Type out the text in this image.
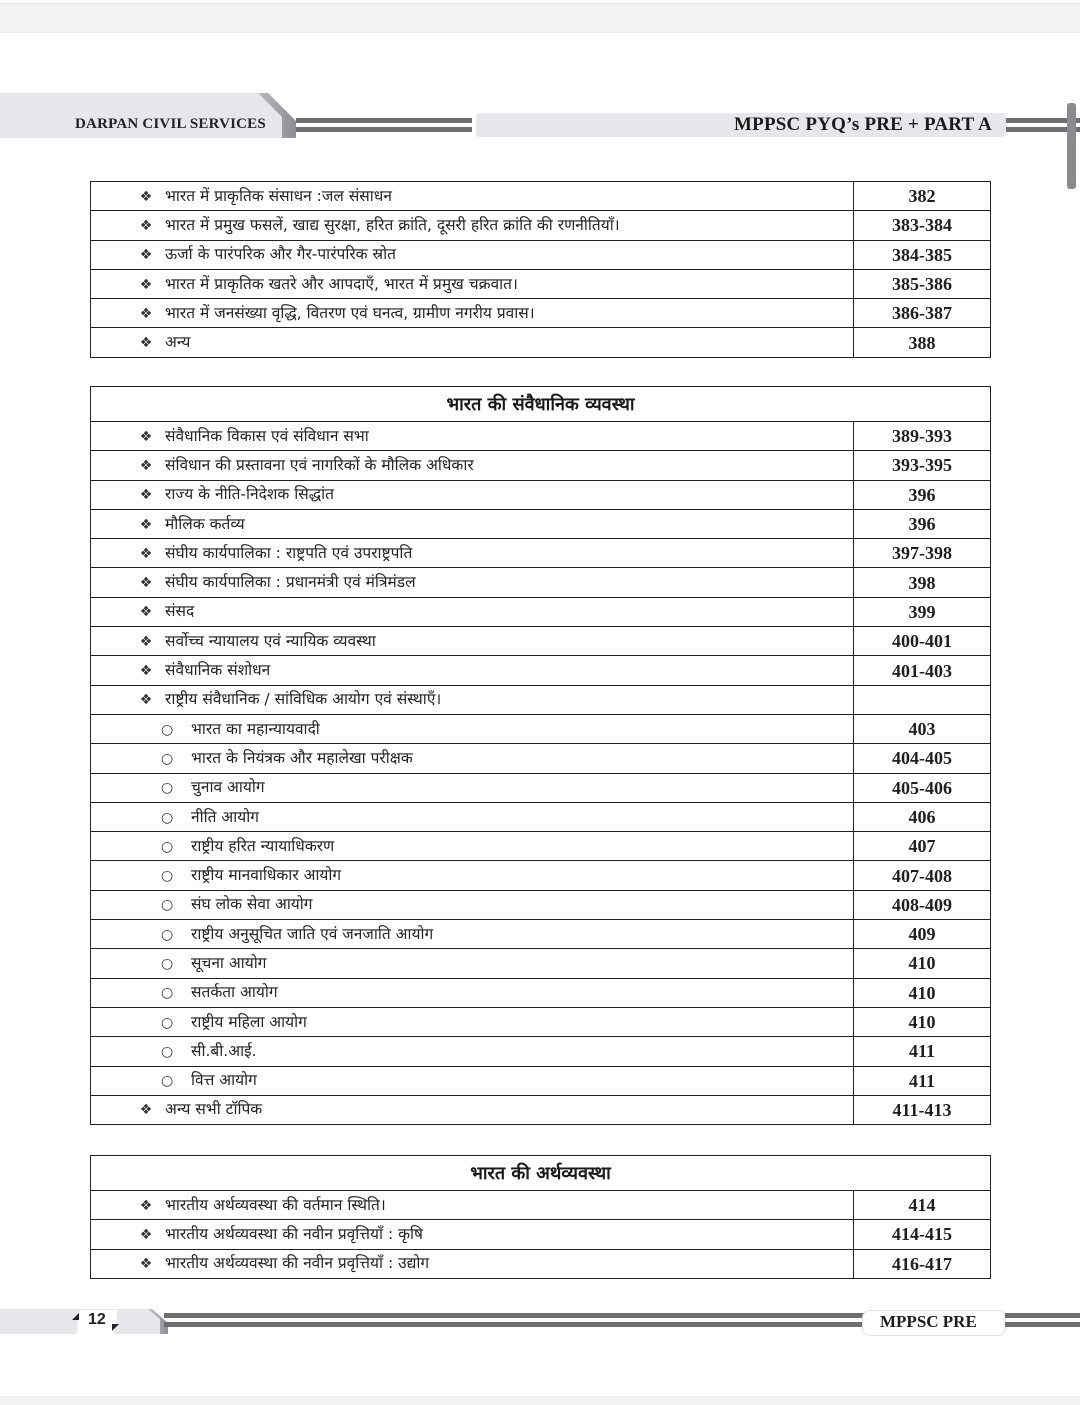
DARPAN CIVIL SERVICES	MPPSC PYQ’s PRE + PART A
❖ भारत में प्राकृतिक संसाधन :जल संसाधन	382
❖ भारत में प्रमुख फसलें, खाद्य सुरक्षा, हरित क्रांति, दूसरी हरित क्रांति की रणनीतियाँ।	383-384
❖ ऊर्जा के पारंपरिक और गैर-पारंपरिक स्रोत	384-385
❖ भारत में प्राकृतिक खतरे और आपदाएँ, भारत में प्रमुख चक्रवात।	385-386
❖ भारत में जनसंख्या वृद्धि, वितरण एवं घनत्व, ग्रामीण नगरीय प्रवास।	386-387
❖ अन्य	388
भारत की संवैधानिक व्यवस्था	
❖ संवैधानिक विकास एवं संविधान सभा	389-393
❖ संविधान की प्रस्तावना एवं नागरिकों के मौलिक अधिकार	393-395
❖ राज्य के नीति-निदेशक सिद्धांत	396
❖ मौलिक कर्तव्य	396
❖ संघीय कार्यपालिका : राष्ट्रपति एवं उपराष्ट्रपति	397-398
❖ संघीय कार्यपालिका : प्रधानमंत्री एवं मंत्रिमंडल	398
❖ संसद	399
❖ सर्वोच्च न्यायालय एवं न्यायिक व्यवस्था	400-401
❖ संवैधानिक संशोधन	401-403
❖ राष्ट्रीय संवैधानिक / सांविधिक आयोग एवं संस्थाएँ।	
○ भारत का महान्यायवादी	403
○ भारत के नियंत्रक और महालेखा परीक्षक	404-405
○ चुनाव आयोग	405-406
○ नीति आयोग	406
○ राष्ट्रीय हरित न्यायाधिकरण	407
○ राष्ट्रीय मानवाधिकार आयोग	407-408
○ संघ लोक सेवा आयोग	408-409
○ राष्ट्रीय अनुसूचित जाति एवं जनजाति आयोग	409
○ सूचना आयोग	410
○ सतर्कता आयोग	410
○ राष्ट्रीय महिला आयोग	410
○ सी.बी.आई.	411
○ वित्त आयोग	411
❖ अन्य सभी टॉपिक	411-413
भारत की अर्थव्यवस्था	
❖ भारतीय अर्थव्यवस्था की वर्तमान स्थिति।	414
❖ भारतीय अर्थव्यवस्था की नवीन प्रवृत्तियाँ : कृषि	414-415
❖ भारतीय अर्थव्यवस्था की नवीन प्रवृत्तियाँ : उद्योग	416-417
12	MPPSC PRE
